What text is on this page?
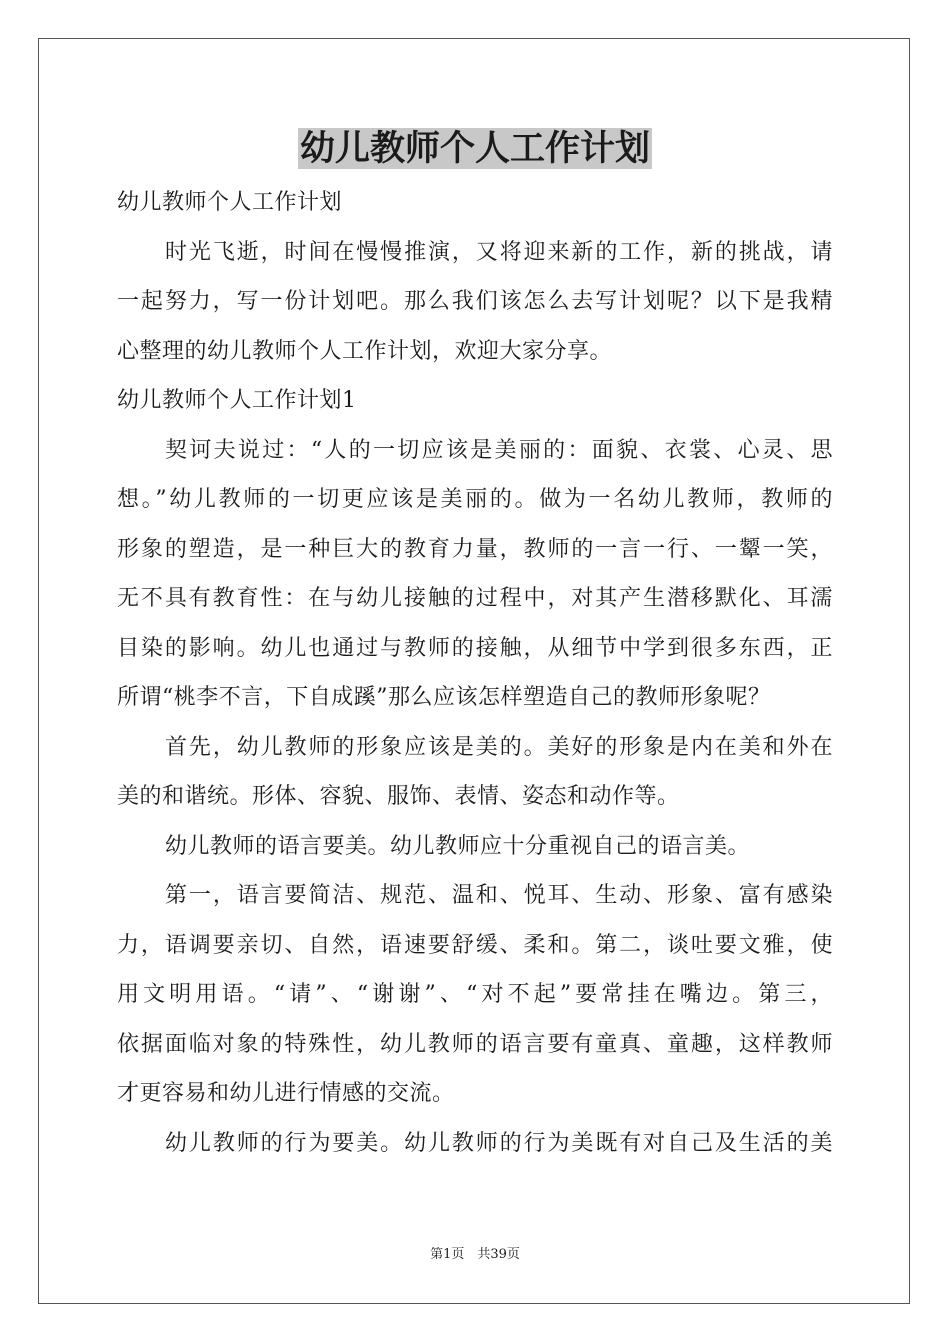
幼儿教师个人工作计划
幼儿教师个人工作计划
时光飞逝，时间在慢慢推演，又将迎来新的工作，新的挑战，请
一起努力，写一份计划吧。那么我们该怎么去写计划呢？以下是我精
心整理的幼儿教师个人工作计划，欢迎大家分享。
幼儿教师个人工作计划1
契诃夫说过：“人的一切应该是美丽的：面貌、衣裳、心灵、思
想。”幼儿教师的一切更应该是美丽的。做为一名幼儿教师，教师的
形象的塑造，是一种巨大的教育力量，教师的一言一行、一颦一笑，
无不具有教育性：在与幼儿接触的过程中，对其产生潜移默化、耳濡
目染的影响。幼儿也通过与教师的接触，从细节中学到很多东西，正
所谓“桃李不言，下自成蹊”那么应该怎样塑造自己的教师形象呢？
首先，幼儿教师的形象应该是美的。美好的形象是内在美和外在
美的和谐统。形体、容貌、服饰、表情、姿态和动作等。
幼儿教师的语言要美。幼儿教师应十分重视自己的语言美。
第一，语言要简洁、规范、温和、悦耳、生动、形象、富有感染
力，语调要亲切、自然，语速要舒缓、柔和。第二，谈吐要文雅，使
用文明用语。“请”、“谢谢”、“对不起”要常挂在嘴边。第三，
依据面临对象的特殊性，幼儿教师的语言要有童真、童趣，这样教师
才更容易和幼儿进行情感的交流。
幼儿教师的行为要美。幼儿教师的行为美既有对自己及生活的美
第1页　共39页
